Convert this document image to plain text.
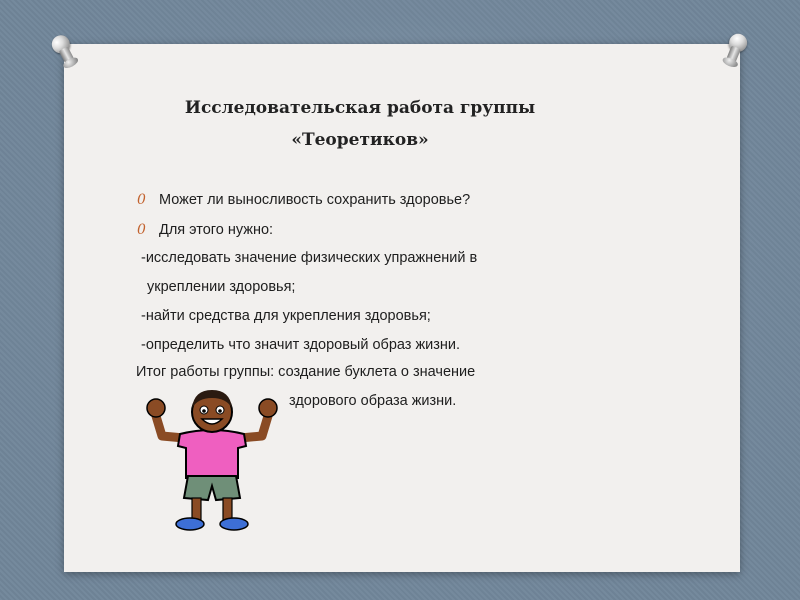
Исследовательская работа группы
«Теоретиков»
0 Может ли выносливость сохранить здоровье?
0 Для этого нужно:
-исследовать значение физических упражнений в
укреплении здоровья;
-найти средства для укрепления здоровья;
-определить что значит здоровый образ жизни.
Итог работы группы: создание буклета о значение
здорового образа жизни.
